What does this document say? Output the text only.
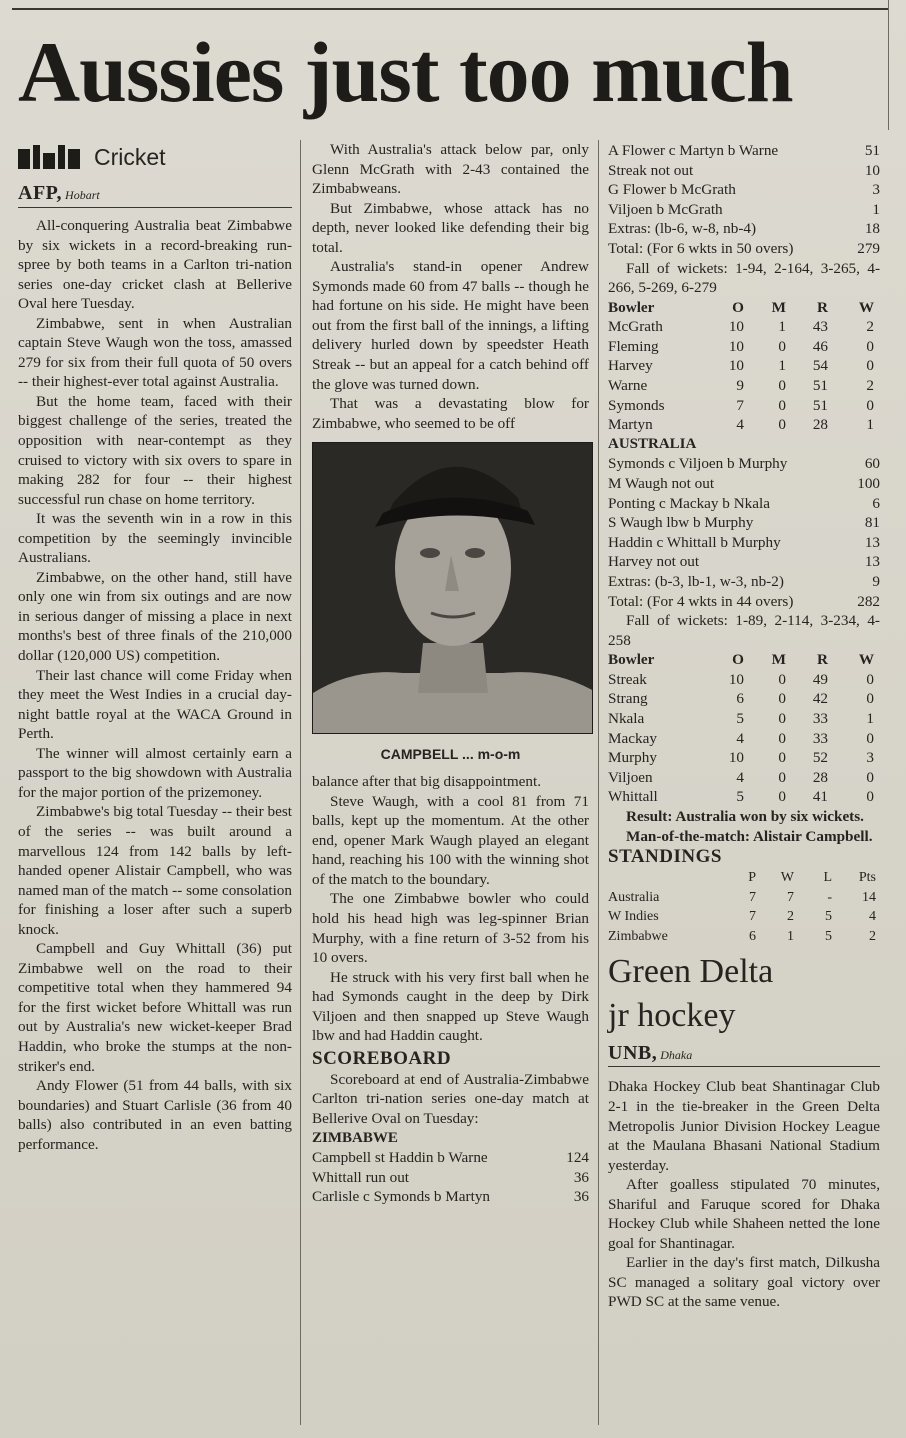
Aussies just too much
Cricket
AFP, Hobart

All-conquering Australia beat Zimbabwe by six wickets in a record-breaking run-spree by both teams in a Carlton tri-nation series one-day cricket clash at Bellerive Oval here Tuesday.

Zimbabwe, sent in when Australian captain Steve Waugh won the toss, amassed 279 for six from their full quota of 50 overs -- their highest-ever total against Australia.

But the home team, faced with their biggest challenge of the series, treated the opposition with near-contempt as they cruised to victory with six overs to spare in making 282 for four -- their highest successful run chase on home territory.

It was the seventh win in a row in this competition by the seemingly invincible Australians.

Zimbabwe, on the other hand, still have only one win from six outings and are now in serious danger of missing a place in next months's best of three finals of the 210,000 dollar (120,000 US) competition.

Their last chance will come Friday when they meet the West Indies in a crucial day-night battle royal at the WACA Ground in Perth.

The winner will almost certainly earn a passport to the big showdown with Australia for the major portion of the prizemoney.

Zimbabwe's big total Tuesday -- their best of the series -- was built around a marvellous 124 from 142 balls by left-handed opener Alistair Campbell, who was named man of the match -- some consolation for finishing a loser after such a superb knock.

Campbell and Guy Whittall (36) put Zimbabwe well on the road to their competitive total when they hammered 94 for the first wicket before Whittall was run out by Australia's new wicket-keeper Brad Haddin, who broke the stumps at the non-striker's end.

Andy Flower (51 from 44 balls, with six boundaries) and Stuart Carlisle (36 from 40 balls) also contributed in an even batting performance.

With Australia's attack below par, only Glenn McGrath with 2-43 contained the Zimbabweans.

But Zimbabwe, whose attack has no depth, never looked like defending their big total.

Australia's stand-in opener Andrew Symonds made 60 from 47 balls -- though he had fortune on his side. He might have been out from the first ball of the innings, a lifting delivery hurled down by speedster Heath Streak -- but an appeal for a catch behind off the glove was turned down.

That was a devastating blow for Zimbabwe, who seemed to be off

CAMPBELL ... m-o-m

balance after that big disappointment.

Steve Waugh, with a cool 81 from 71 balls, kept up the momentum. At the other end, opener Mark Waugh played an elegant hand, reaching his 100 with the winning shot of the match to the boundary.

The one Zimbabwe bowler who could hold his head high was leg-spinner Brian Murphy, with a fine return of 3-52 from his 10 overs.

He struck with his very first ball when he had Symonds caught in the deep by Dirk Viljoen and then snapped up Steve Waugh lbw and had Haddin caught.

SCOREBOARD

Scoreboard at end of Australia-Zimbabwe Carlton tri-nation series one-day match at Bellerive Oval on Tuesday:

ZIMBABWE
Campbell st Haddin b Warne	124
Whittall run out	36
Carlisle c Symonds b Martyn	36
A Flower c Martyn b Warne	51
Streak not out	10
G Flower b McGrath	3
Viljoen b McGrath	1
Extras: (lb-6, w-8, nb-4)	18
Total: (For 6 wkts in 50 overs)	279

Fall of wickets: 1-94, 2-164, 3-265, 4-266, 5-269, 6-279

Bowler	O	M	R	W
McGrath	10	1	43	2
Fleming	10	0	46	0
Harvey	10	1	54	0
Warne	9	0	51	2
Symonds	7	0	51	0
Martyn	4	0	28	1
AUSTRALIA
Symonds c Viljoen b Murphy	60
M Waugh not out	100
Ponting c Mackay b Nkala	6
S Waugh lbw b Murphy	81
Haddin c Whittall b Murphy	13
Harvey not out	13
Extras: (b-3, lb-1, w-3, nb-2)	9
Total: (For 4 wkts in 44 overs)	282

Fall of wickets: 1-89, 2-114, 3-234, 4-258

Bowler	O	M	R	W
Streak	10	0	49	0
Strang	6	0	42	0
Nkala	5	0	33	1
Mackay	4	0	33	0
Murphy	10	0	52	3
Viljoen	4	0	28	0
Whittall	5	0	41	0

Result: Australia won by six wickets.

Man-of-the-match: Alistair Campbell.

STANDINGS
P	W	L	Pts
Australia	7	7	-	14
W Indies	7	2	5	4
Zimbabwe	6	1	5	2
Green Delta
jr hockey
UNB, Dhaka

Dhaka Hockey Club beat Shantinagar Club 2-1 in the tie-breaker in the Green Delta Metropolis Junior Division Hockey League at the Maulana Bhasani National Stadium yesterday.

After goalless stipulated 70 minutes, Shariful and Faruque scored for Dhaka Hockey Club while Shaheen netted the lone goal for Shantinagar.

Earlier in the day's first match, Dilkusha SC managed a solitary goal victory over PWD SC at the same venue.
